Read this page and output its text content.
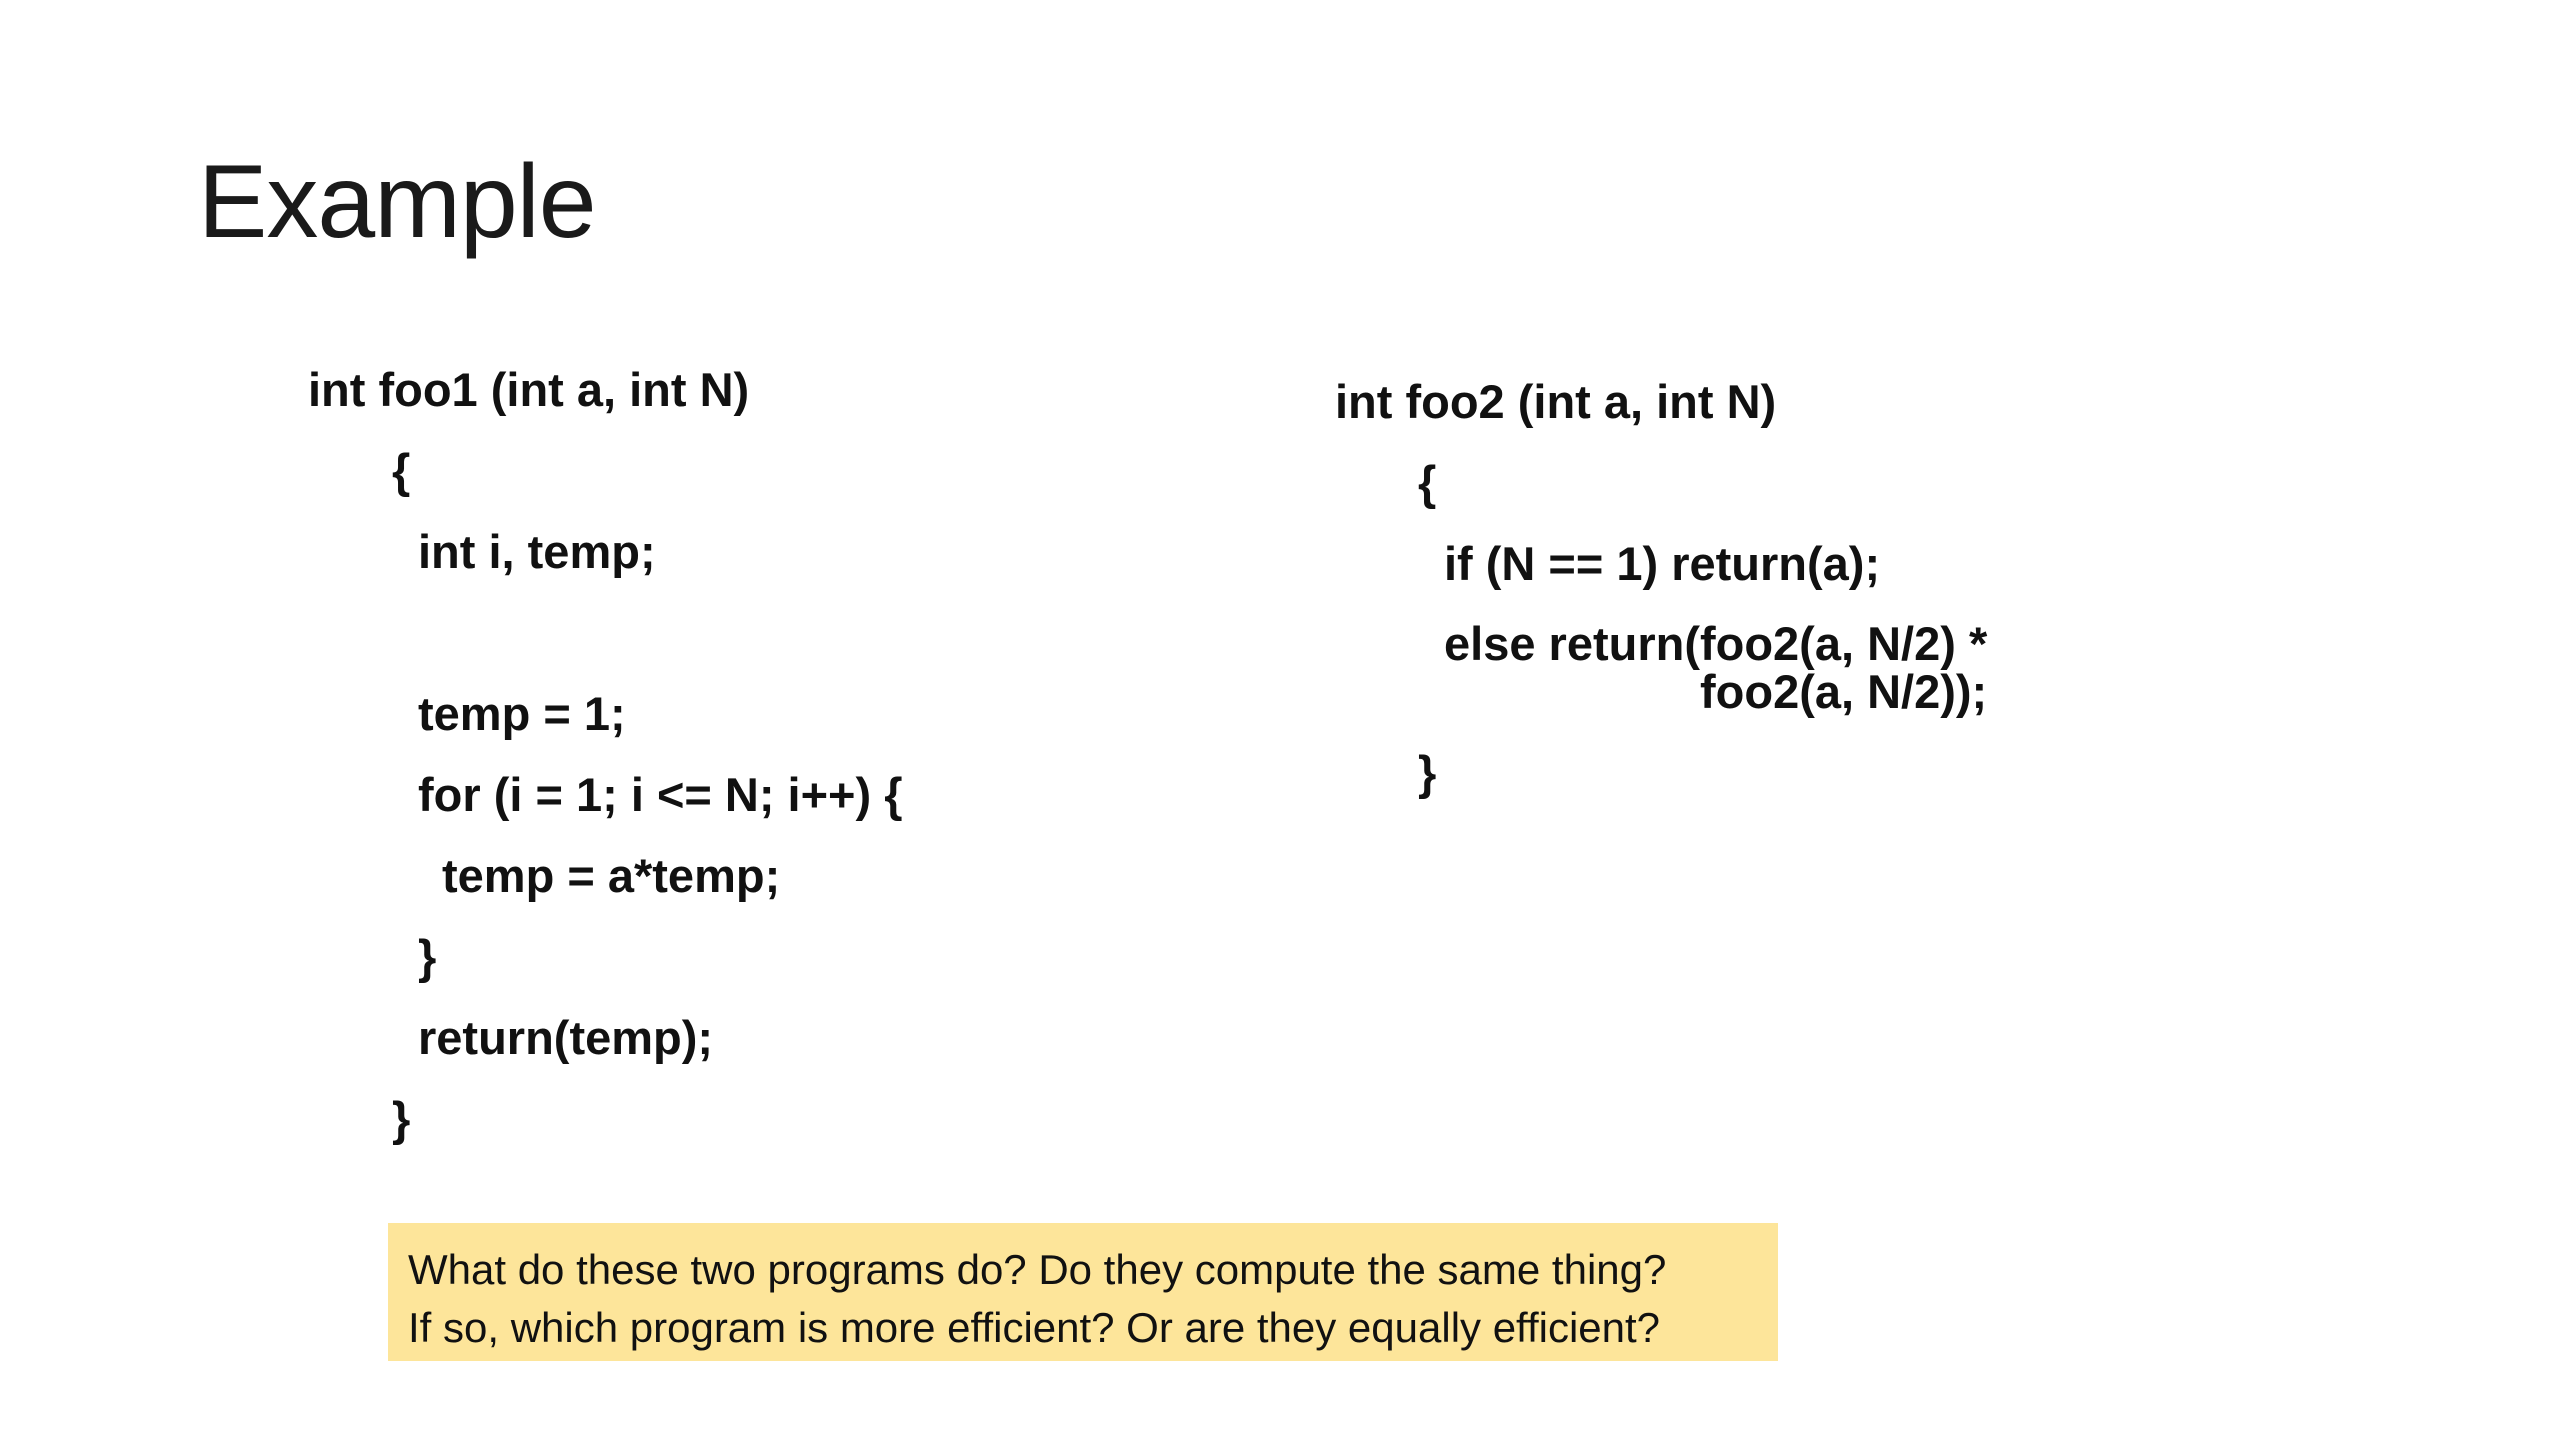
Example
int foo1 (int a, int N)
{
int i, temp;
temp = 1;
for (i = 1; i <= N; i++) {
temp = a*temp;
}
return(temp);
}
int foo2 (int a, int N)
{
if (N == 1) return(a);
else return(foo2(a, N/2) *
foo2(a, N/2));
}
What do these two programs do? Do they compute the same thing?
If so, which program is more efficient? Or are they equally efficient?
